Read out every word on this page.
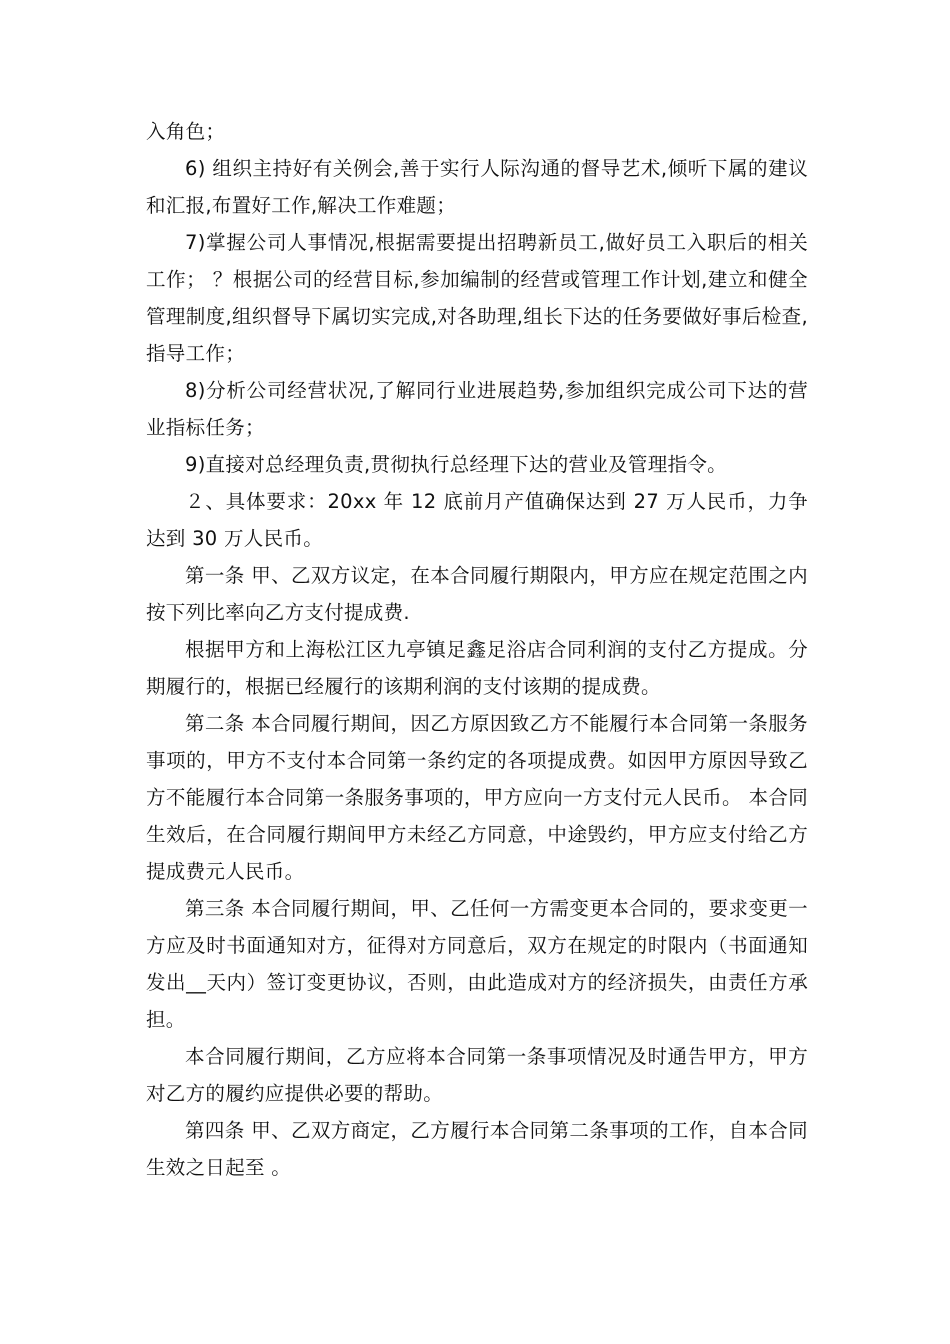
入角色；

6) 组织主持好有关例会,善于实行人际沟通的督导艺术,倾听下属的建议和汇报,布置好工作,解决工作难题；

7)掌握公司人事情况,根据需要提出招聘新员工,做好员工入职后的相关工作； ？根据公司的经营目标,参加编制的经营或管理工作计划,建立和健全管理制度,组织督导下属切实完成,对各助理,组长下达的任务要做好事后检查,指导工作；

8)分析公司经营状况,了解同行业进展趋势,参加组织完成公司下达的营业指标任务；

9)直接对总经理负责,贯彻执行总经理下达的营业及管理指令。

２、具体要求：20xx 年 12 底前月产值确保达到 27 万人民币，力争达到 30 万人民币。

第一条 甲、乙双方议定，在本合同履行期限内，甲方应在规定范围之内按下列比率向乙方支付提成费.

根据甲方和上海松江区九亭镇足鑫足浴店合同利润的支付乙方提成。分期履行的，根据已经履行的该期利润的支付该期的提成费。

第二条 本合同履行期间，因乙方原因致乙方不能履行本合同第一条服务事项的，甲方不支付本合同第一条约定的各项提成费。如因甲方原因导致乙方不能履行本合同第一条服务事项的，甲方应向一方支付元人民币。 本合同生效后，在合同履行期间甲方未经乙方同意，中途毁约，甲方应支付给乙方提成费元人民币。

第三条 本合同履行期间，甲、乙任何一方需变更本合同的，要求变更一方应及时书面通知对方，征得对方同意后，双方在规定的时限内（书面通知发出__天内）签订变更协议，否则，由此造成对方的经济损失，由责任方承担。

本合同履行期间，乙方应将本合同第一条事项情况及时通告甲方，甲方对乙方的履约应提供必要的帮助。

第四条 甲、乙双方商定，乙方履行本合同第二条事项的工作，自本合同生效之日起至 。
